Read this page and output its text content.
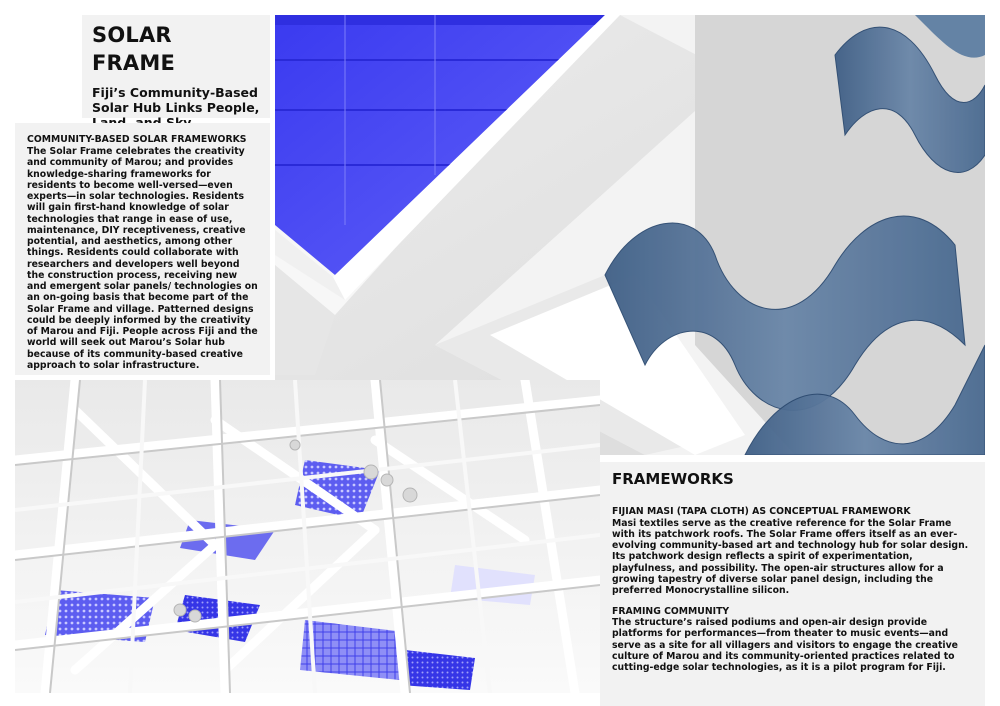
SOLAR FRAME
Fiji’s Community-Based Solar Hub Links People,
COMMUNITY-BASED SOLAR FRAMEWORKS

The Solar Frame celebrates the creativity and community of Marou; and provides knowledge-sharing frameworks for residents to become well-versed—even experts—in solar technologies. Residents will gain first-hand knowledge of solar technologies that range in ease of use, maintenance, DIY receptiveness, creative potential, and aesthetics, among other things. Residents could collaborate with researchers and developers well beyond the construction process, receiving new and emergent solar panels/ technologies on an on-going basis that become part of the Solar Frame and village. Patterned designs could be deeply informed by the creativity of Marou and Fiji. People across Fiji and the world will seek out Marou’s Solar hub because of its community-based creative approach to solar infrastructure.

FRAMEWORKS
FIJIAN MASI (TAPA CLOTH) AS CONCEPTUAL FRAMEWORK

Masi textiles serve as the creative reference for the Solar Frame with its patchwork roofs. The Solar Frame offers itself as an ever-evolving community-based art and technology hub for solar design. Its patchwork design reflects a spirit of experimentation, playfulness, and possibility. The open-air structures allow for a growing tapestry of diverse solar panel design, including the preferred Monocrystalline silicon.

FRAMING COMMUNITY

The structure’s raised podiums and open-air design provide platforms for performances—from theater to music events—and serve as a site for all villagers and visitors to engage the creative culture of Marou and its community-oriented practices related to cutting-edge solar technologies, as it is a pilot program for Fiji.
